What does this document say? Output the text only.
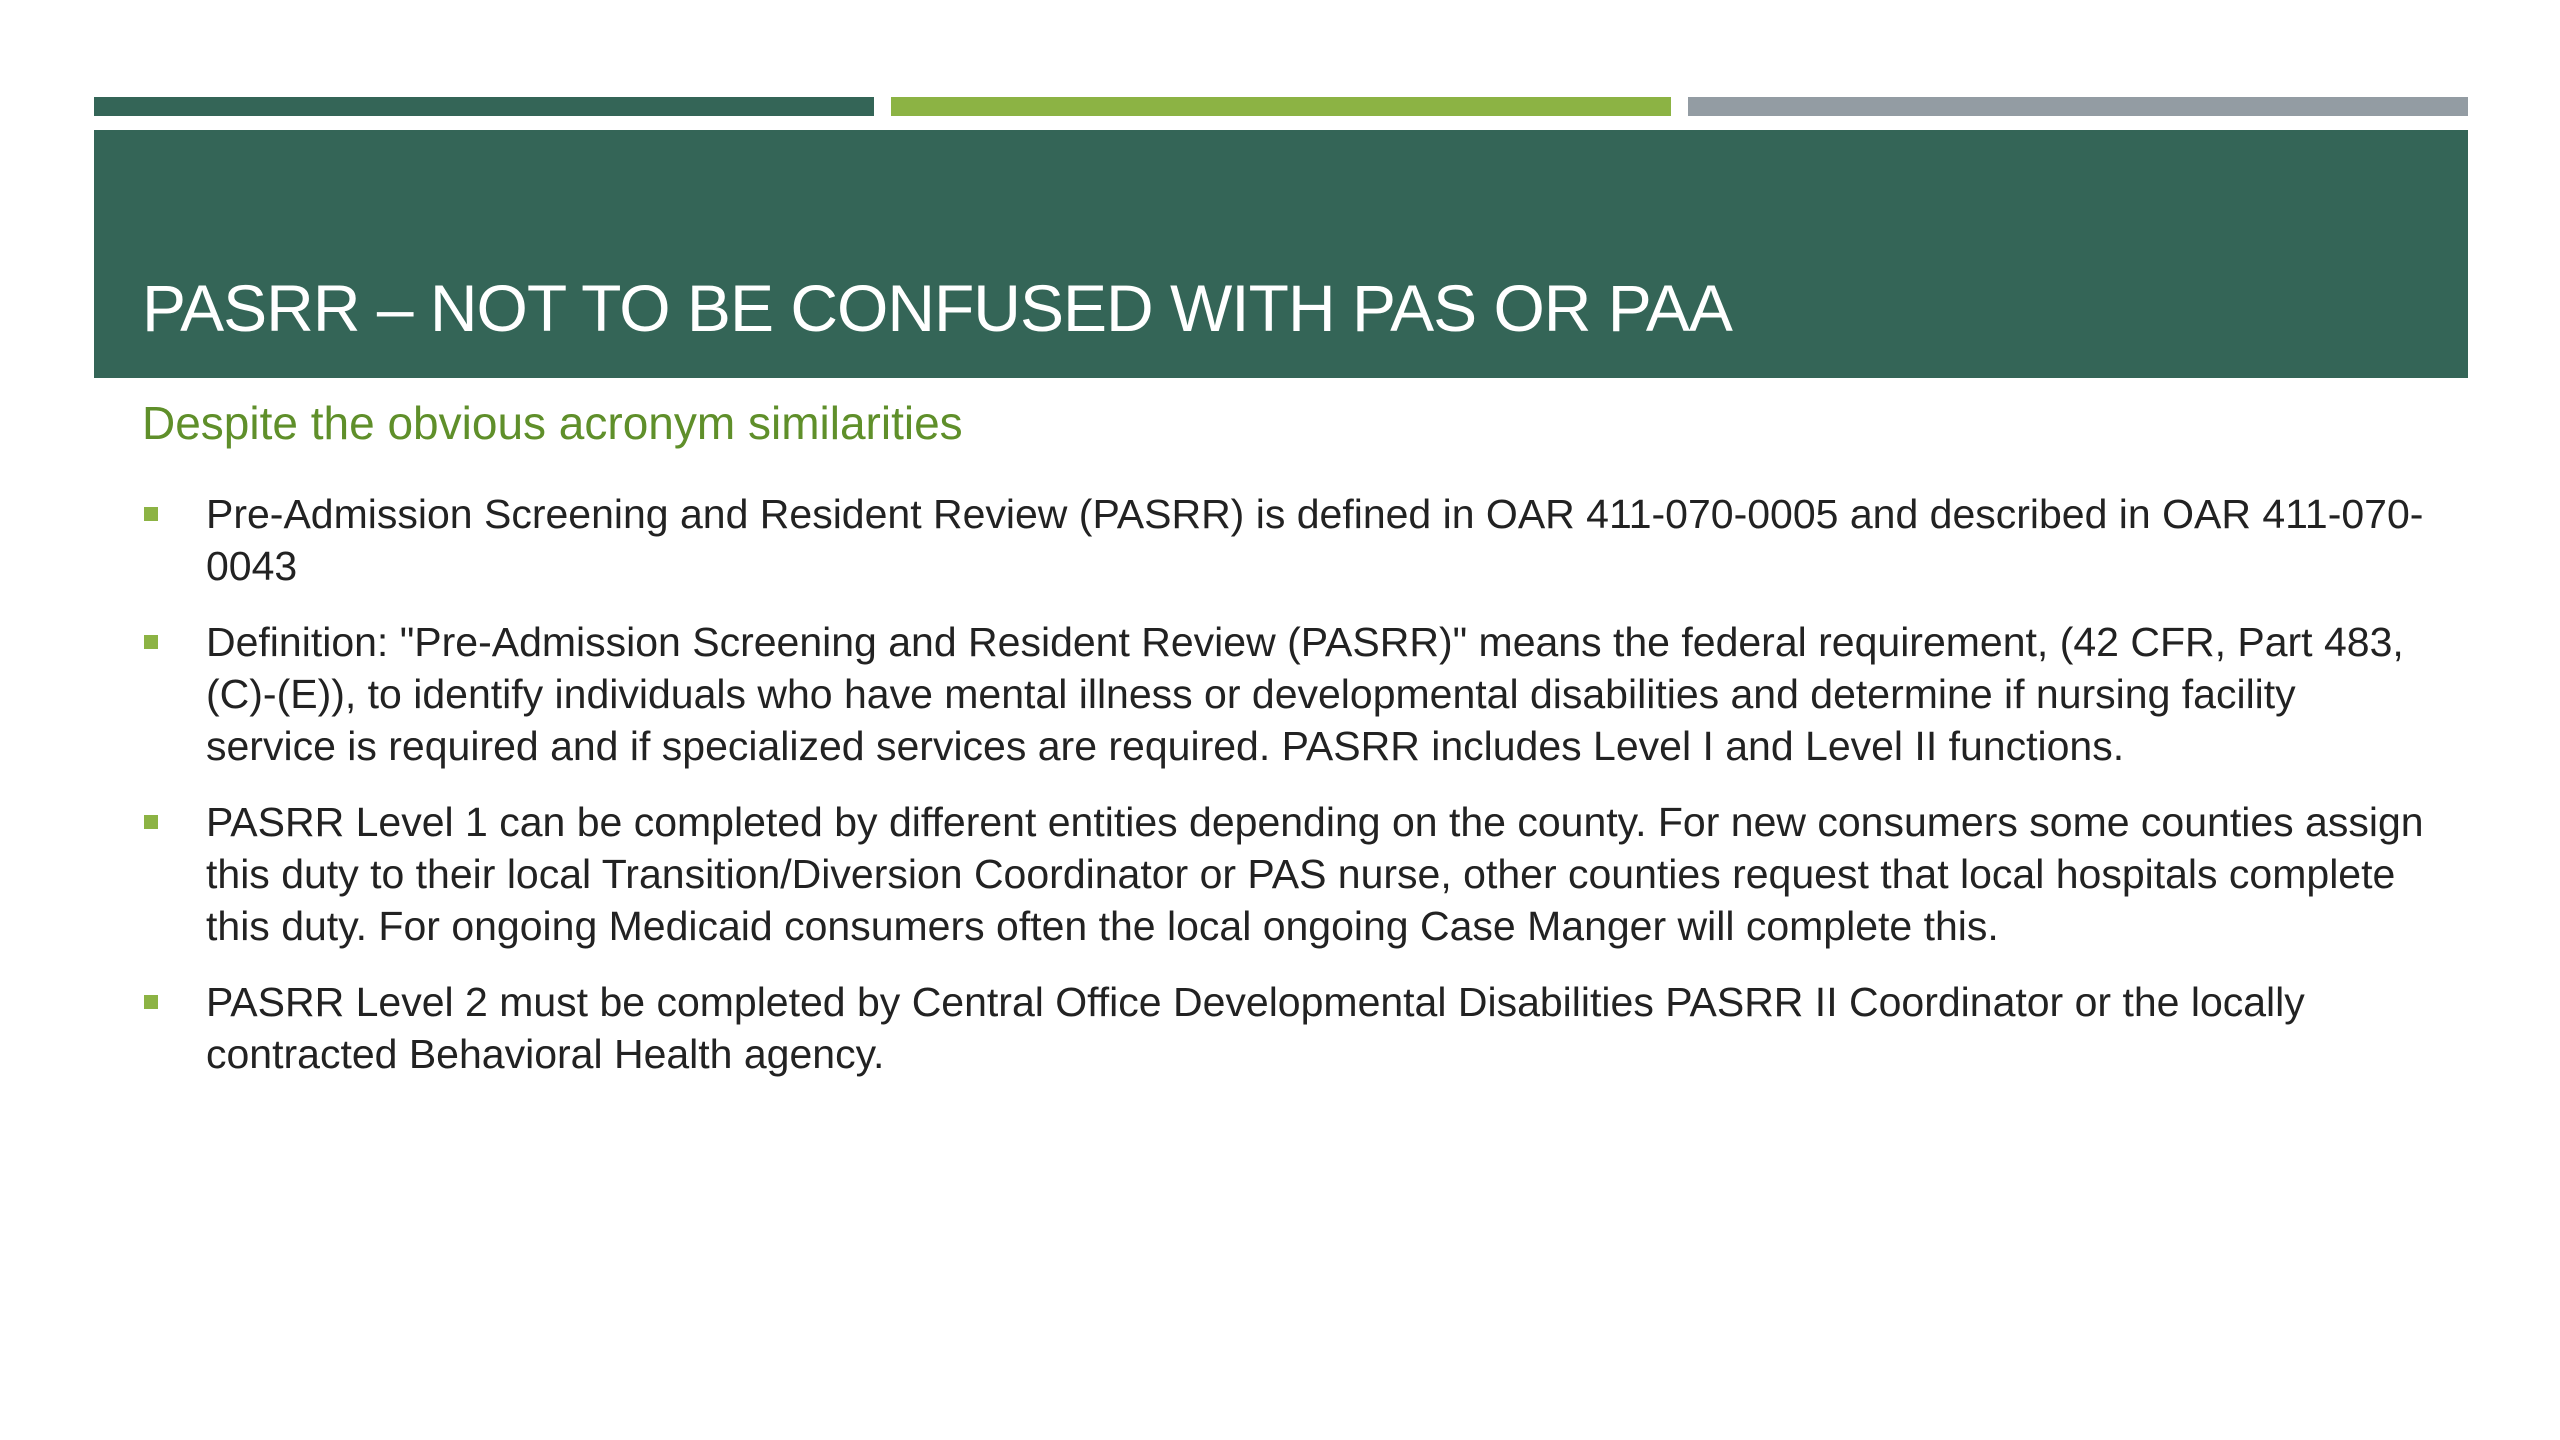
PASRR – NOT TO BE CONFUSED WITH PAS OR PAA
Despite the obvious acronym similarities
Pre-Admission Screening and Resident Review (PASRR) is defined in OAR 411-070-0005 and described in OAR 411-070-0043
Definition: "Pre-Admission Screening and Resident Review (PASRR)" means the federal requirement, (42 CFR, Part 483, (C)-(E)), to identify individuals who have mental illness or developmental disabilities and determine if nursing facility service is required and if specialized services are required. PASRR includes Level I and Level II functions.
PASRR Level 1 can be completed by different entities depending on the county. For new consumers some counties assign this duty to their local Transition/Diversion Coordinator or PAS nurse, other counties request that local hospitals complete this duty. For ongoing Medicaid consumers often the local ongoing Case Manger will complete this.
PASRR Level 2 must be completed by Central Office Developmental Disabilities PASRR II Coordinator or the locally contracted Behavioral Health agency.
